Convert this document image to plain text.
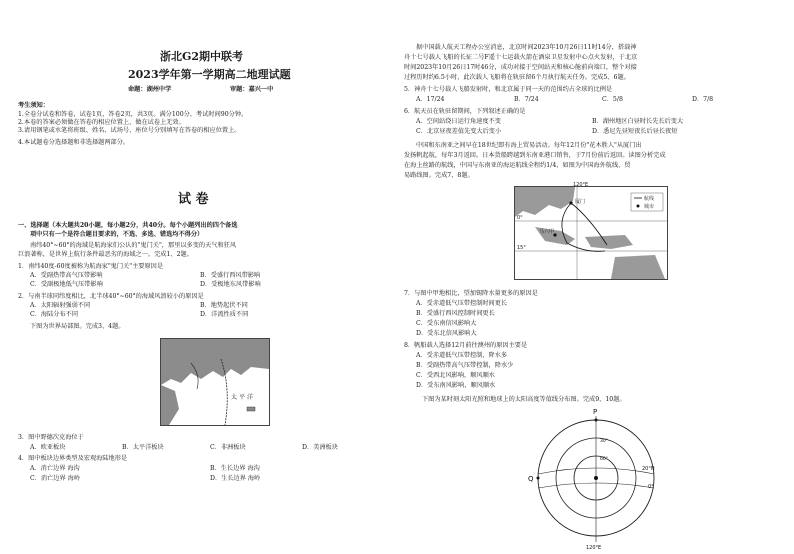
浙北G2期中联考
2023学年第一学期高二地理试题
命题：湖州中学	审题：嘉兴一中
考生须知：
1.全卷分试卷和答卷，试卷1页，答卷2页，共3页。满分100分，考试时间90分钟。
2.本卷的答案必须做在答卷的相应位置上，做在试卷上无效。
3.请用钢笔或水笔将班级、姓名、试场号、座位号分别填写在答卷的相应位置上。
4.本试题卷分选择题和非选择题两部分。
试 卷
一、选择题（本大题共20小题，每小题2分，共40分。每个小题列出的四个备选
项中只有一个是符合题目要求的，不选、多选、错选均不得分）
南纬40°~60°的海域是航海家们公认的"鬼门关"，那里以多变的天气和狂风
巨浪著称，是世界上航行条件最恶劣的海域之一。完成1、2题。
1．南纬40度-60度被称为航海家"鬼门关"主要原因是
A．受副热带高气压带影响	B．受盛行西风带影响
C．受副极地低气压带影响	D．受极地东风带影响
2．与南半球同纬度相比，北半球40°~60°的海域风浪较小的原因是
A．太阳辐射强弱不同	B．地势起伏不同
C．海陆分布不同	D．洋流性质不同
下图为世界局部图。完成3、4题。
太 平 洋
3．图中野德次克海位于
A．欧亚板块	B．太平洋板块	C．非洲板块	D．美洲板块
4．图中板块边界类型及宏观海陆地形是
A．消亡边界 海沟	B．生长边界 海沟
C．消亡边界 海岭	D．生长边界 海岭
据中国载人航天工程办公室消息，北京时间2023年10月26日11时14分，搭载神
舟十七号载人飞船的长征二号F遥十七运载火箭在酒泉卫星发射中心点火发射，于北京
时间2023年10月26日17时46分，成功对接于空间站天和核心舱前向端口，整个对接
过程历时约6.5小时，此次载人飞船将在轨驻留6个月执行航天任务。完成5、6题。
5．神舟十七号载人飞船发射时，和北京属于同一天的范围约占全球的比例是
A．17/24	B．7/24	C．5/8	D．7/8
6．航天员在轨驻留期间，下列叙述正确的是
A．空间站绕日运行角速度不变	B．湖州地区白昼时长先长后变大
C．北京昼夜差值先变大后变小	D．悉尼先昼短夜长后昼长夜短
中国和东南亚之间早在18世纪即有海上贸易活动。每年12月份"花木胜人"从厦门出
发扬帆起航，每年3月返回。日本货船跨越到东南亚港口销售，于7月份前后返回。读图分析完成
在海上丝路的航线，中国与东南亚的海运航线全程约1/4，如图为中国海外航线、贸
易路线图。完成7、8题。
航线
城市
120°E
0°
15°
厦门
马六甲
7．与图中甲地相比，望加锡降水量更多的原因是
A．受赤道低气压带控制时间更长
B．受盛行西风控制时间更长
C．受东南信风影响大
D．受东北信风影响大
8．帆船载人选择12月前往澳州的原因主要是
A．受赤道低气压带控制，降水多
B．受副热带高气压带控制，降水少
C．受西北风影响，顺风顺水
D．受东南风影响，顺风顺水
下图为某时刻太阳光照和地球上的太阳高度等值线分布图。完成9、10题。
P
Q
20°N
0°
120°E
60°
30°
